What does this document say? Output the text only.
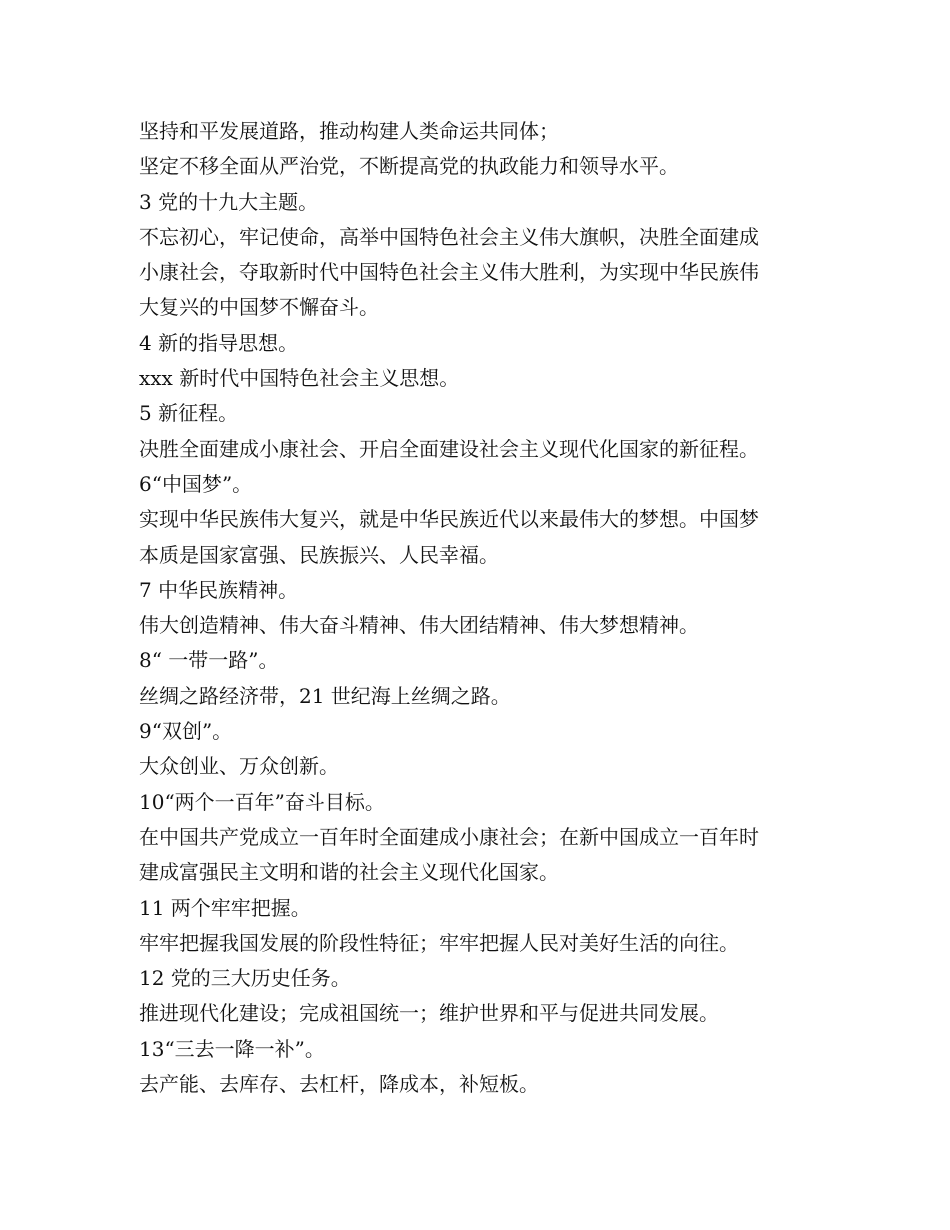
坚持和平发展道路，推动构建人类命运共同体；

坚定不移全面从严治党，不断提高党的执政能力和领导水平。

3 党的十九大主题。

不忘初心，牢记使命，高举中国特色社会主义伟大旗帜，决胜全面建成

小康社会，夺取新时代中国特色社会主义伟大胜利，为实现中华民族伟

大复兴的中国梦不懈奋斗。

4 新的指导思想。

xxx 新时代中国特色社会主义思想。

5 新征程。

决胜全面建成小康社会、开启全面建设社会主义现代化国家的新征程。

6“中国梦”。

实现中华民族伟大复兴，就是中华民族近代以来最伟大的梦想。中国梦

本质是国家富强、民族振兴、人民幸福。

7 中华民族精神。

伟大创造精神、伟大奋斗精神、伟大团结精神、伟大梦想精神。

8“ 一带一路”。

丝绸之路经济带，21 世纪海上丝绸之路。

9“双创”。

大众创业、万众创新。

10“两个一百年”奋斗目标。

在中国共产党成立一百年时全面建成小康社会；在新中国成立一百年时

建成富强民主文明和谐的社会主义现代化国家。

11 两个牢牢把握。

牢牢把握我国发展的阶段性特征；牢牢把握人民对美好生活的向往。

12 党的三大历史任务。

推进现代化建设；完成祖国统一；维护世界和平与促进共同发展。

13“三去一降一补”。

去产能、去库存、去杠杆，降成本，补短板。
